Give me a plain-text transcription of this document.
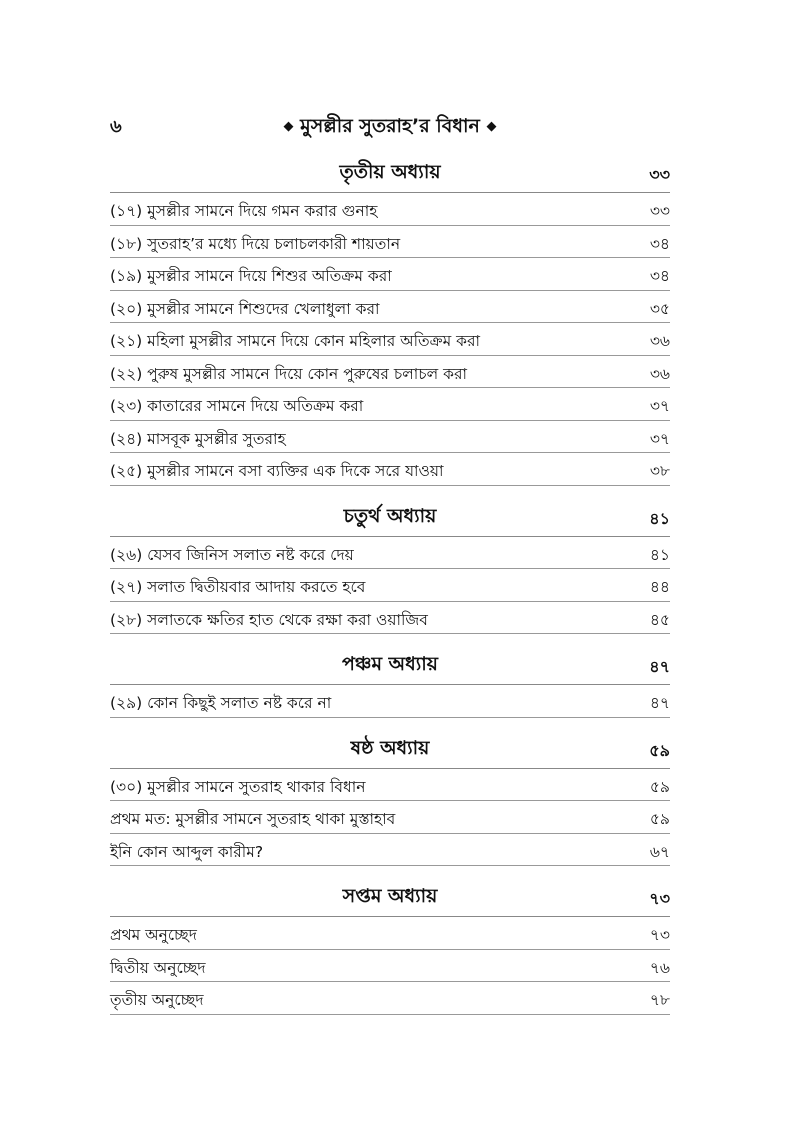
৬	◆ মুসল্লীর সুতরাহ’র বিধান ◆
তৃতীয় অধ্যায়	৩৩
(১৭) মুসল্লীর সামনে দিয়ে গমন করার গুনাহ	৩৩
(১৮) সুতরাহ’র মধ্যে দিয়ে চলাচলকারী শায়তান	৩৪
(১৯) মুসল্লীর সামনে দিয়ে শিশুর অতিক্রম করা	৩৪
(২০) মুসল্লীর সামনে শিশুদের খেলাধুলা করা	৩৫
(২১) মহিলা মুসল্লীর সামনে দিয়ে কোন মহিলার অতিক্রম করা	৩৬
(২২) পুরুষ মুসল্লীর সামনে দিয়ে কোন পুরুষের চলাচল করা	৩৬
(২৩) কাতারের সামনে দিয়ে অতিক্রম করা	৩৭
(২৪) মাসবূক মুসল্লীর সুতরাহ	৩৭
(২৫) মুসল্লীর সামনে বসা ব্যক্তির এক দিকে সরে যাওয়া	৩৮
চতুর্থ অধ্যায়	৪১
(২৬) যেসব জিনিস সলাত নষ্ট করে দেয়	৪১
(২৭) সলাত দ্বিতীয়বার আদায় করতে হবে	৪৪
(২৮) সলাতকে ক্ষতির হাত থেকে রক্ষা করা ওয়াজিব	৪৫
পঞ্চম অধ্যায়	৪৭
(২৯) কোন কিছুই সলাত নষ্ট করে না	৪৭
ষষ্ঠ অধ্যায়	৫৯
(৩০) মুসল্লীর সামনে সুতরাহ থাকার বিধান	৫৯
প্রথম মত: মুসল্লীর সামনে সুতরাহ থাকা মুস্তাহাব	৫৯
ইনি কোন আব্দুল কারীম?	৬৭
সপ্তম অধ্যায়	৭৩
প্রথম অনুচ্ছেদ	৭৩
দ্বিতীয় অনুচ্ছেদ	৭৬
তৃতীয় অনুচ্ছেদ	৭৮
